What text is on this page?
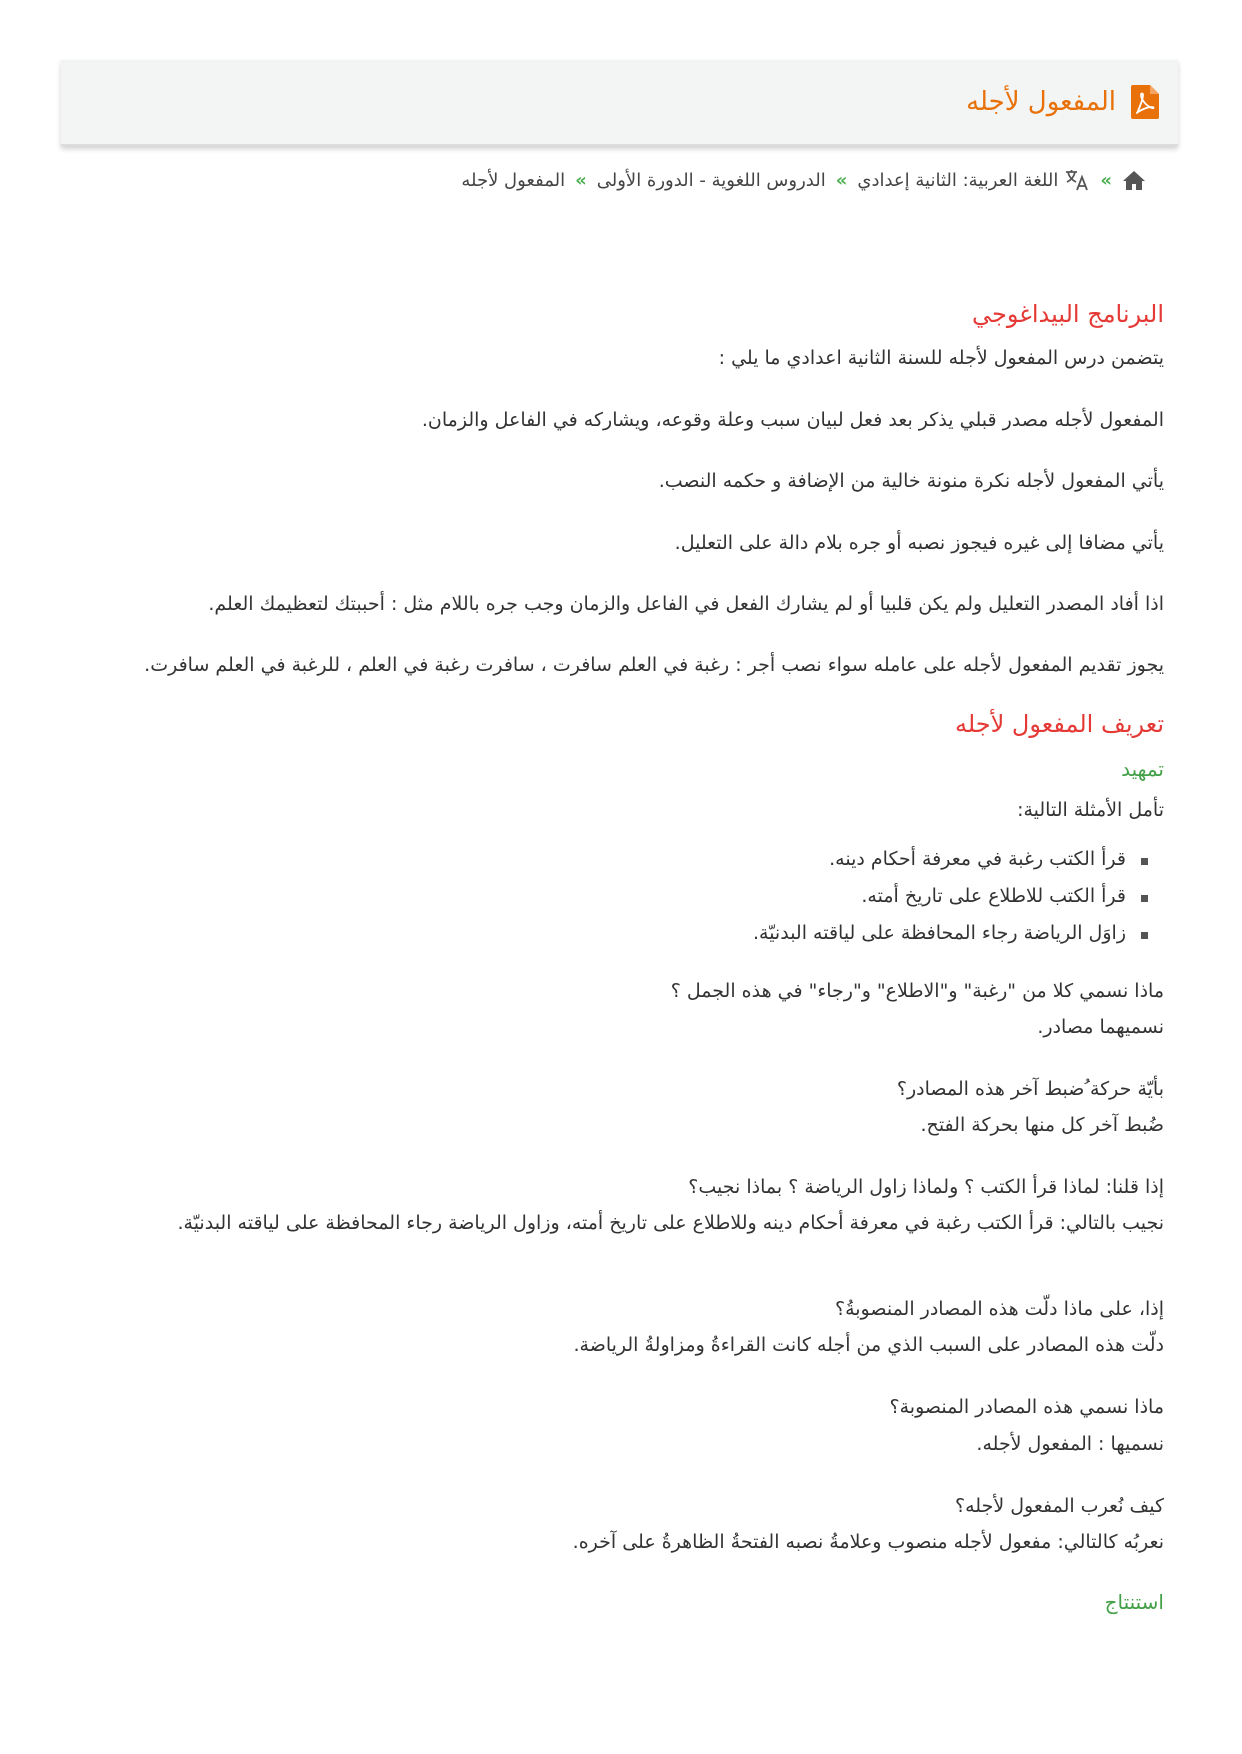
المفعول لأجله
»
اللغة العربية: الثانية إعدادي
»
الدروس اللغوية - الدورة الأولى
»
المفعول لأجله
البرنامج البيداغوجي

يتضمن درس المفعول لأجله للسنة الثانية اعدادي ما يلي :

المفعول لأجله مصدر قبلي يذكر بعد فعل لبيان سبب وعلة وقوعه، ويشاركه في الفاعل والزمان.

يأتي المفعول لأجله نكرة منونة خالية من الإضافة و حكمه النصب.

يأتي مضافا إلى غيره فيجوز نصبه أو جره بلام دالة على التعليل.

اذا أفاد المصدر التعليل ولم يكن قلبيا أو لم يشارك الفعل في الفاعل والزمان وجب جره باللام مثل : أحببتك لتعظيمك العلم.

يجوز تقديم المفعول لأجله على عامله سواء نصب أجر : رغبة في العلم سافرت ، سافرت رغبة في العلم ، للرغبة في العلم سافرت.

تعريف المفعول لأجله
تمهيد

تأمل الأمثلة التالية:

قرأ الكتب رغبة في معرفة أحكام دينه.
قرأ الكتب للاطلاع على تاريخ أمته.
زاوَل الرياضة رجاء المحافظة على لياقته البدنيّة.
ماذا نسمي كلا من "رغبة" و"الاطلاع" و"رجاء" في هذه الجمل ؟
نسميهما مصادر.
بأيّة حركة ُضبط آخر هذه المصادر؟
ضُبط آخر كل منها بحركة الفتح.
إذا قلنا: لماذا قرأ الكتب ؟ ولماذا زاول الرياضة ؟ بماذا نجيب؟
نجيب بالتالي: قرأ الكتب رغبة في معرفة أحكام دينه وللاطلاع على تاريخ أمته، وزاول الرياضة رجاء المحافظة على لياقته البدنيّة.
إذا، على ماذا دلّت هذه المصادر المنصوبةُ؟
دلّت هذه المصادر على السبب الذي من أجله كانت القراءةُ ومزاولةُ الرياضة.
ماذا نسمي هذه المصادر المنصوبة؟
نسميها : المفعول لأجله.
كيف نُعرب المفعول لأجله؟
نعربُه كالتالي: مفعول لأجله منصوب وعلامةُ نصبه الفتحةُ الظاهرةُ على آخره.
استنتاج
